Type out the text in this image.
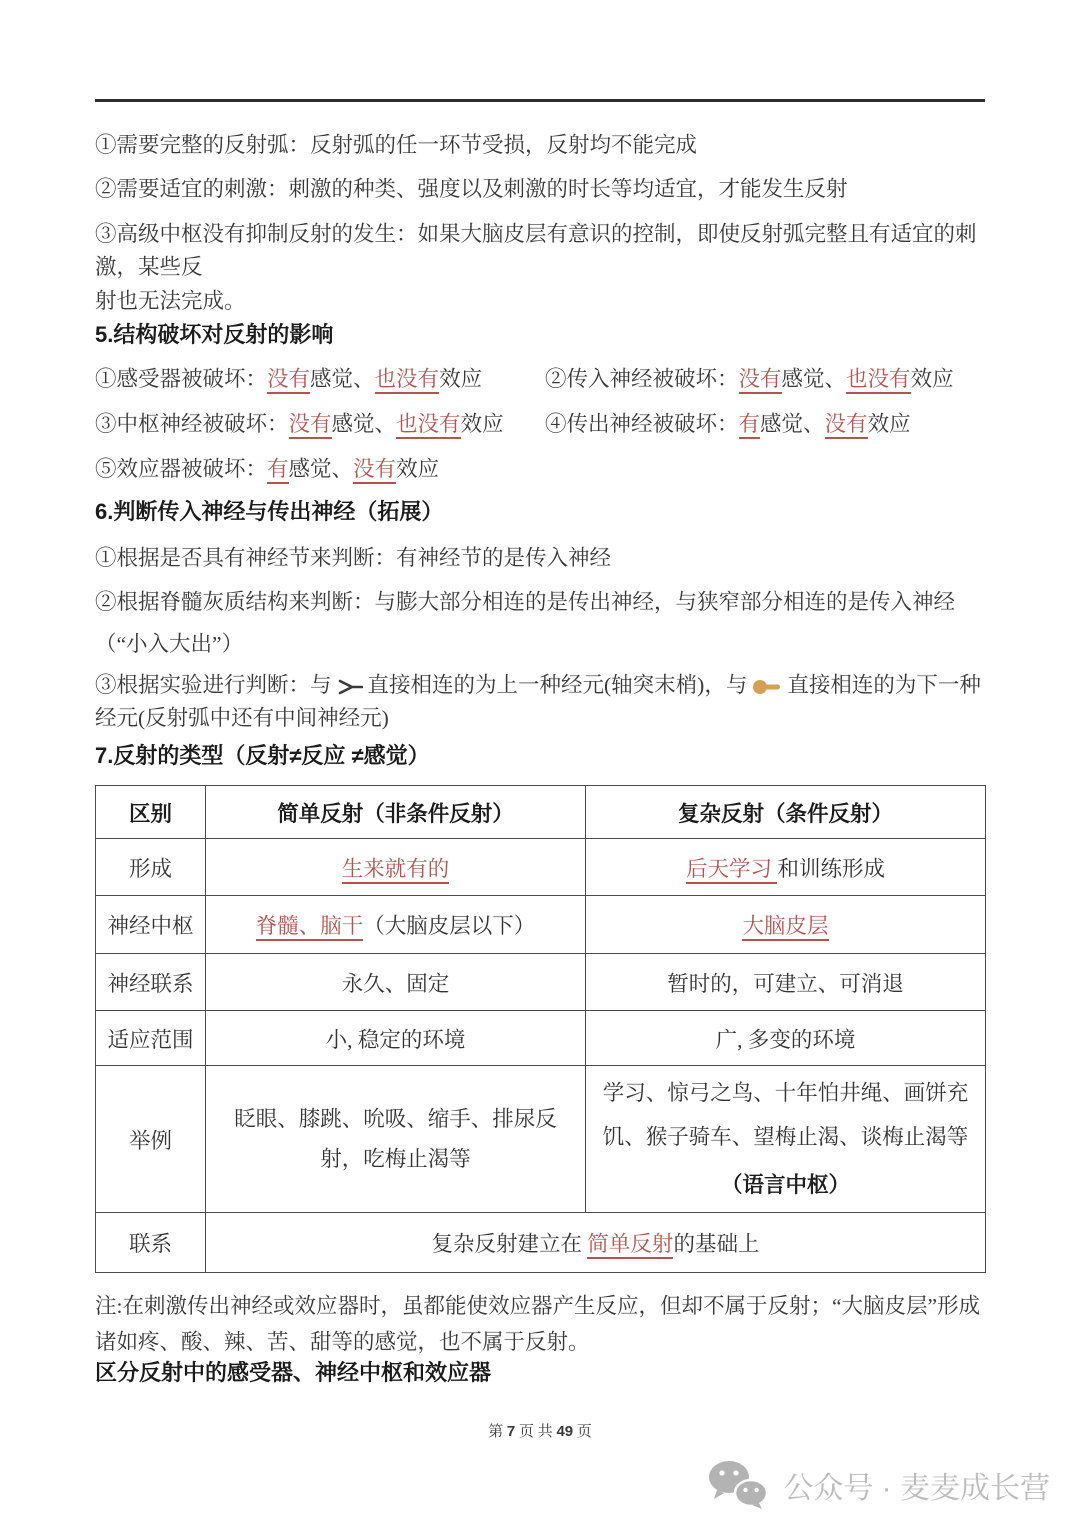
①需要完整的反射弧：反射弧的任一环节受损，反射均不能完成
②需要适宜的刺激：刺激的种类、强度以及刺激的时长等均适宜，才能发生反射
③高级中枢没有抑制反射的发生：如果大脑皮层有意识的控制，即使反射弧完整且有适宜的刺激，某些反
射也无法完成。
5.结构破坏对反射的影响
①感受器被破坏：没有感觉、也没有效应	②传入神经被破坏：没有感觉、也没有效应
③中枢神经被破坏：没有感觉、也没有效应	④传出神经被破坏：有感觉、没有效应
⑤效应器被破坏：有感觉、没有效应
6.判断传入神经与传出神经（拓展）
①根据是否具有神经节来判断：有神经节的是传入神经
②根据脊髓灰质结构来判断：与膨大部分相连的是传出神经，与狭窄部分相连的是传入神经
（“小入大出”）
③根据实验进行判断：与 直接相连的为上一种经元(轴突末梢)，与 直接相连的为下一种经元(反射弧中还有中间神经元)
7.反射的类型（反射≠反应 ≠感觉）
区别	简单反射（非条件反射）	复杂反射（条件反射）
形成	生来就有的	后天学习 和训练形成
神经中枢	脊髓、脑干（大脑皮层以下）	大脑皮层
神经联系	永久、固定	暂时的，可建立、可消退
适应范围	小, 稳定的环境	广, 多变的环境
举例	眨眼、膝跳、吮吸、缩手、排尿反射，吃梅止渴等	学习、惊弓之鸟、十年怕井绳、画饼充饥、猴子骑车、望梅止渴、谈梅止渴等
（语言中枢）

联系	复杂反射建立在 简单反射的基础上	
注:在刺激传出神经或效应器时，虽都能使效应器产生反应，但却不属于反射；“大脑皮层”形成诸如疼、酸、辣、苦、甜等的感觉，也不属于反射。
区分反射中的感受器、神经中枢和效应器
第 7 页 共 49 页
公众号 · 麦麦成长营
